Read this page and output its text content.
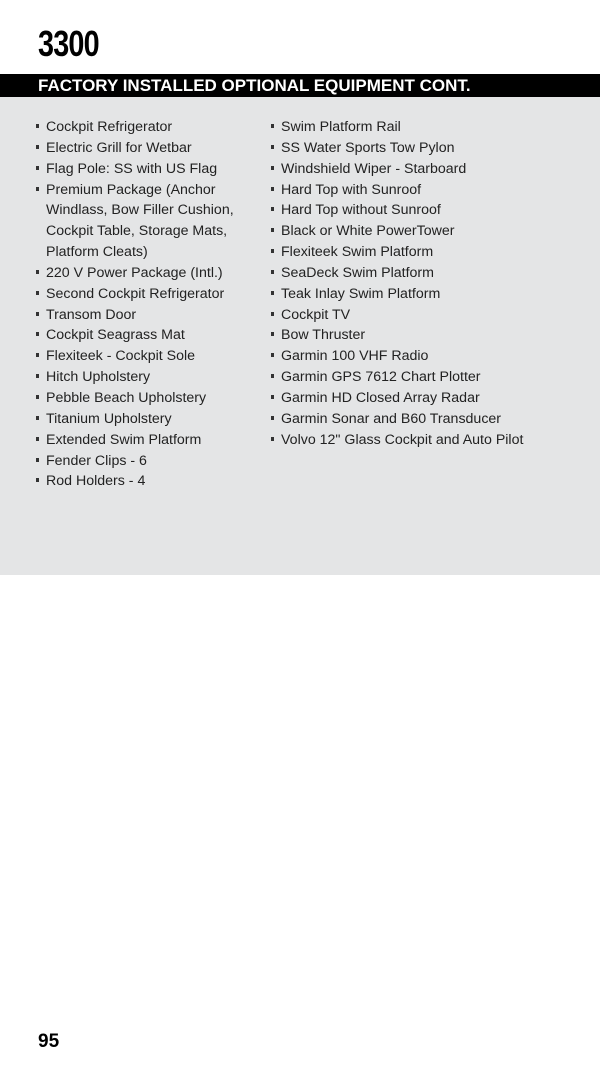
3300
FACTORY INSTALLED OPTIONAL EQUIPMENT CONT.
Cockpit Refrigerator
Electric Grill for Wetbar
Flag Pole: SS with US Flag
Premium Package (Anchor Windlass, Bow Filler Cushion, Cockpit Table, Storage Mats, Platform Cleats)
220 V Power Package (Intl.)
Second Cockpit Refrigerator
Transom Door
Cockpit Seagrass Mat
Flexiteek - Cockpit Sole
Hitch Upholstery
Pebble Beach Upholstery
Titanium Upholstery
Extended Swim Platform
Fender Clips - 6
Rod Holders - 4
Swim Platform Rail
SS Water Sports Tow Pylon
Windshield Wiper - Starboard
Hard Top with Sunroof
Hard Top without Sunroof
Black or White PowerTower
Flexiteek Swim Platform
SeaDeck Swim Platform
Teak Inlay Swim Platform
Cockpit TV
Bow Thruster
Garmin 100 VHF Radio
Garmin GPS 7612 Chart Plotter
Garmin HD Closed Array Radar
Garmin Sonar and B60 Transducer
Volvo 12" Glass Cockpit and Auto Pilot
95
